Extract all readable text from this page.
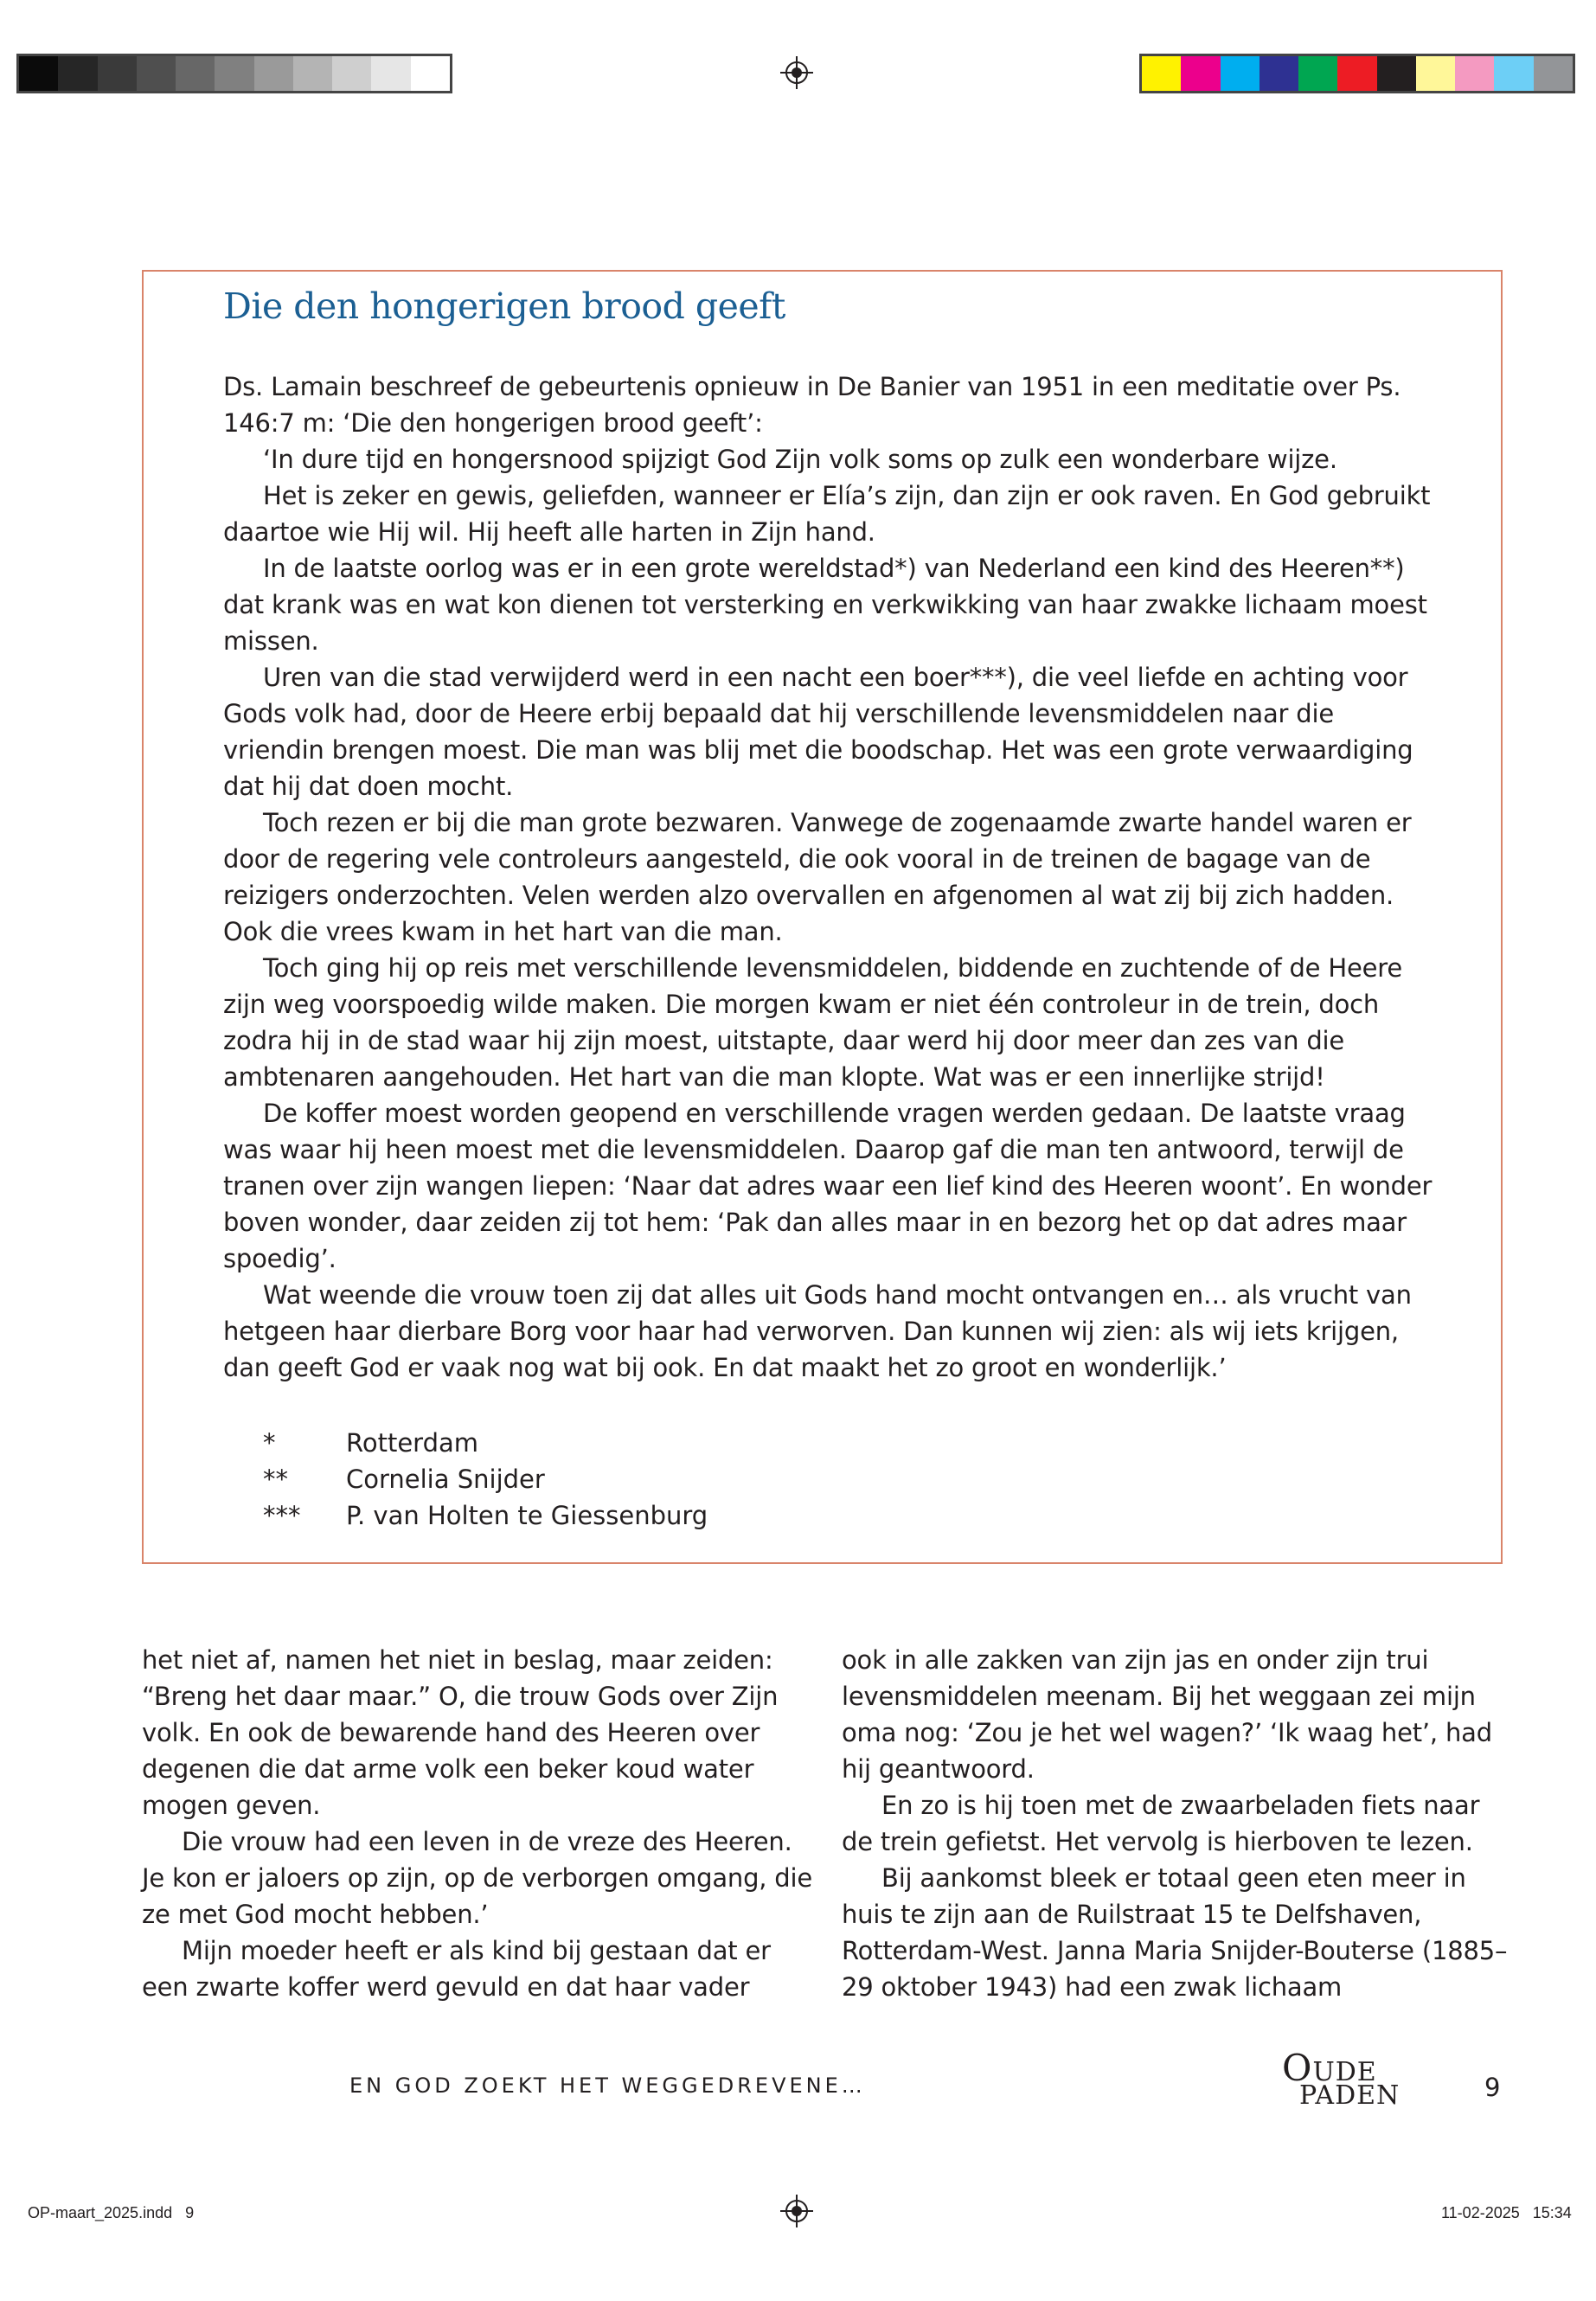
Die den hongerigen brood geeft

Ds. Lamain beschreef de gebeurtenis opnieuw in De Banier van 1951 in een meditatie over Ps. 146:7 m: ‘Die den hongerigen brood geeft’:

‘In dure tijd en hongersnood spijzigt God Zijn volk soms op zulk een wonderbare wijze.

Het is zeker en gewis, geliefden, wanneer er Elía’s zijn, dan zijn er ook raven. En God gebruikt daartoe wie Hij wil. Hij heeft alle harten in Zijn hand.

In de laatste oorlog was er in een grote wereldstad*) van Nederland een kind des Heeren**) dat krank was en wat kon dienen tot versterking en verkwikking van haar zwakke lichaam moest missen.

Uren van die stad verwijderd werd in een nacht een boer***), die veel liefde en achting voor Gods volk had, door de Heere erbij bepaald dat hij verschillende levensmiddelen naar die vriendin brengen moest. Die man was blij met die boodschap. Het was een grote verwaardiging dat hij dat doen mocht.

Toch rezen er bij die man grote bezwaren. Vanwege de zogenaamde zwarte handel waren er door de regering vele controleurs aangesteld, die ook vooral in de treinen de bagage van de reizigers onderzochten. Velen werden alzo overvallen en afgenomen al wat zij bij zich hadden. Ook die vrees kwam in het hart van die man.

Toch ging hij op reis met verschillende levensmiddelen, biddende en zuchtende of de Heere zijn weg voorspoedig wilde maken. Die morgen kwam er niet één controleur in de trein, doch zodra hij in de stad waar hij zijn moest, uitstapte, daar werd hij door meer dan zes van die ambtenaren aangehouden. Het hart van die man klopte. Wat was er een innerlijke strijd!

De koffer moest worden geopend en verschillende vragen werden gedaan. De laatste vraag was waar hij heen moest met die levensmiddelen. Daarop gaf die man ten antwoord, terwijl de tranen over zijn wangen liepen: ‘Naar dat adres waar een lief kind des Heeren woont’. En wonder boven wonder, daar zeiden zij tot hem: ‘Pak dan alles maar in en bezorg het op dat adres maar spoedig’.

Wat weende die vrouw toen zij dat alles uit Gods hand mocht ontvangen en… als vrucht van hetgeen haar dierbare Borg voor haar had verworven. Dan kunnen wij zien: als wij iets krijgen, dan geeft God er vaak nog wat bij ook. En dat maakt het zo groot en wonderlijk.’

*	Rotterdam
**	Cornelia Snijder
***	P. van Holten te Giessenburg

het niet af, namen het niet in beslag, maar zeiden: “Breng het daar maar.” O, die trouw Gods over Zijn volk. En ook de bewarende hand des Heeren over degenen die dat arme volk een beker koud water mogen geven.

Die vrouw had een leven in de vreze des Heeren. Je kon er jaloers op zijn, op de verborgen omgang, die ze met God mocht hebben.’

Mijn moeder heeft er als kind bij gestaan dat er een zwarte koffer werd gevuld en dat haar vader

ook in alle zakken van zijn jas en onder zijn trui levensmiddelen meenam. Bij het weggaan zei mijn oma nog: ‘Zou je het wel wagen?’ ‘Ik waag het’, had hij geantwoord.

En zo is hij toen met de zwaarbeladen fiets naar de trein gefietst. Het vervolg is hierboven te lezen.

Bij aankomst bleek er totaal geen eten meer in huis te zijn aan de Ruilstraat 15 te Delfshaven, Rotterdam-West. Janna Maria Snijder-Bouterse (1885–29 oktober 1943) had een zwak lichaam

EN GOD ZOEKT HET WEGGEDREVENE…	OUDE
PADEN	9
OP-maart_2025.indd   9	11-02-2025   15:34
